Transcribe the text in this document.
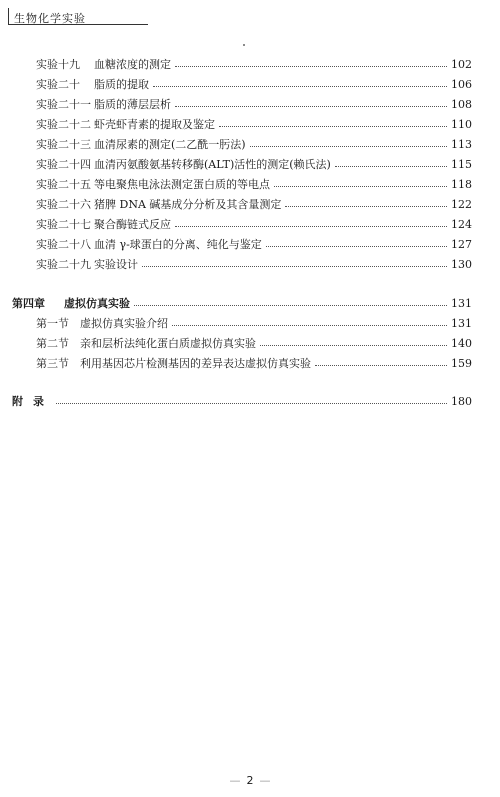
生物化学实验
实验十九	血糖浓度的测定	102
实验二十	脂质的提取	106
实验二十一 脂质的薄层层析	108
实验二十二 虾壳虾青素的提取及鉴定	110
实验二十三 血清尿素的测定(二乙酰一肟法)	113
实验二十四 血清丙氨酸氨基转移酶(ALT)活性的测定(赖氏法)	115
实验二十五 等电聚焦电泳法测定蛋白质的等电点	118
实验二十六 猪脾 DNA 碱基成分分析及其含量测定	122
实验二十七 聚合酶链式反应	124
实验二十八 血清 γ-球蛋白的分离、纯化与鉴定	127
实验二十九 实验设计	130
第四章	虚拟仿真实验	131
第一节	虚拟仿真实验介绍	131
第二节	亲和层析法纯化蛋白质虚拟仿真实验	140
第三节	利用基因芯片检测基因的差异表达虚拟仿真实验	159
附录	180
— 2 —
